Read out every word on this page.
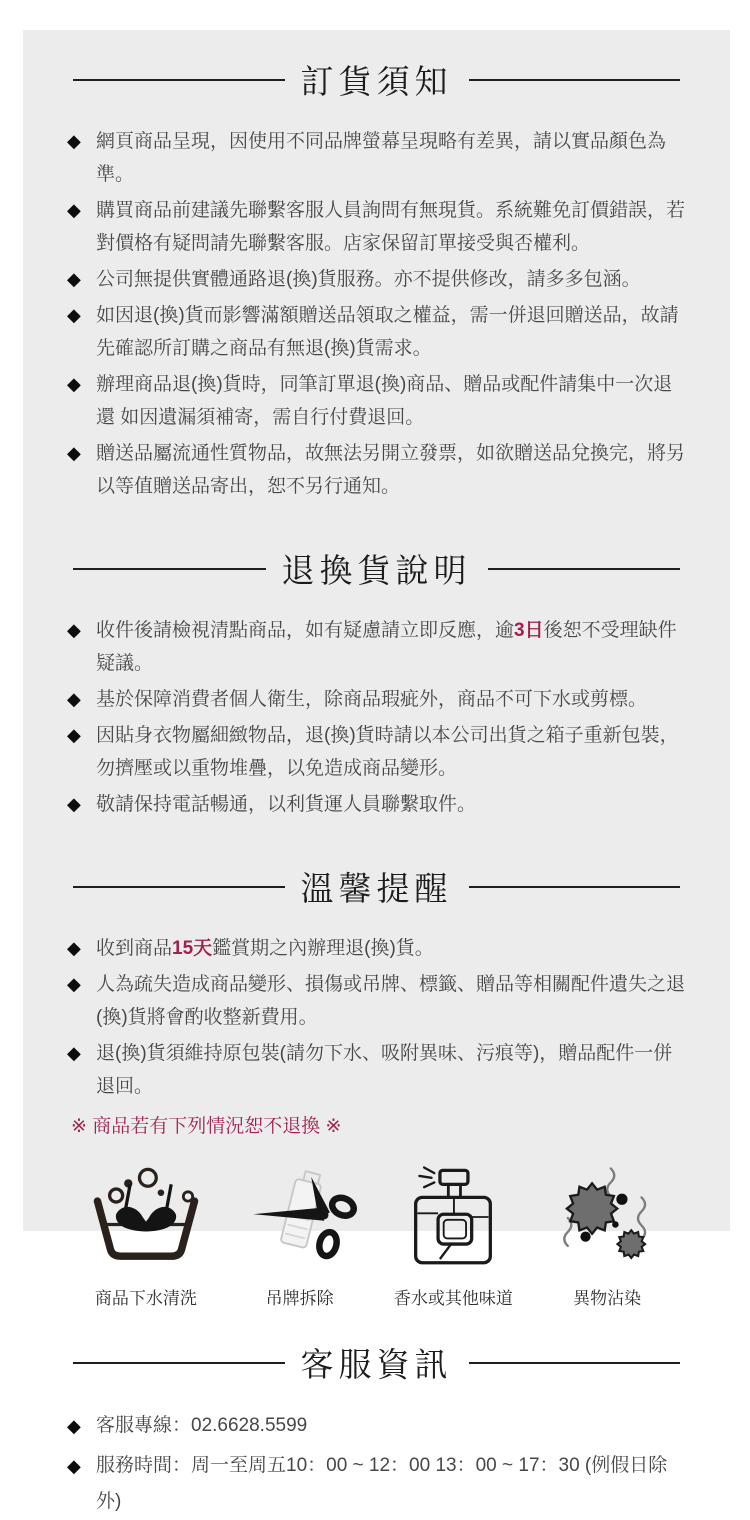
訂貨須知
◆ 網頁商品呈現，因使用不同品牌螢幕呈現略有差異，請以實品顏色為準。
◆ 購買商品前建議先聯繫客服人員詢問有無現貨。系統難免訂價錯誤，若對價格有疑問請先聯繫客服。店家保留訂單接受與否權利。
◆ 公司無提供實體通路退(換)貨服務。亦不提供修改，請多多包涵。
◆ 如因退(換)貨而影響滿額贈送品領取之權益，需一併退回贈送品，故請先確認所訂購之商品有無退(換)貨需求。
◆ 辦理商品退(換)貨時，同筆訂單退(換)商品、贈品或配件請集中一次退還 如因遺漏須補寄，需自行付費退回。
◆ 贈送品屬流通性質物品，故無法另開立發票，如欲贈送品兌換完，將另以等值贈送品寄出，恕不另行通知。
退換貨說明
◆ 收件後請檢視清點商品，如有疑慮請立即反應，逾3日後恕不受理缺件疑議。
◆ 基於保障消費者個人衛生，除商品瑕疵外，商品不可下水或剪標。
◆ 因貼身衣物屬細緻物品，退(換)貨時請以本公司出貨之箱子重新包裝，勿擠壓或以重物堆疊，以免造成商品變形。
◆ 敬請保持電話暢通，以利貨運人員聯繫取件。
溫馨提醒
◆ 收到商品15天鑑賞期之內辦理退(換)貨。
◆ 人為疏失造成商品變形、損傷或吊牌、標籤、贈品等相關配件遺失之退 (換)貨將會酌收整新費用。
◆ 退(換)貨須維持原包裝(請勿下水、吸附異味、污痕等)，贈品配件一併退回。

※ 商品若有下列情況恕不退換 ※

商品下水清洗	吊牌拆除	香水或其他味道	異物沾染
客服資訊
◆ 客服專線：02.6628.5599
◆ 服務時間：周一至周五10：00 ~ 12：00 13：00 ~ 17：30 (例假日除外)
